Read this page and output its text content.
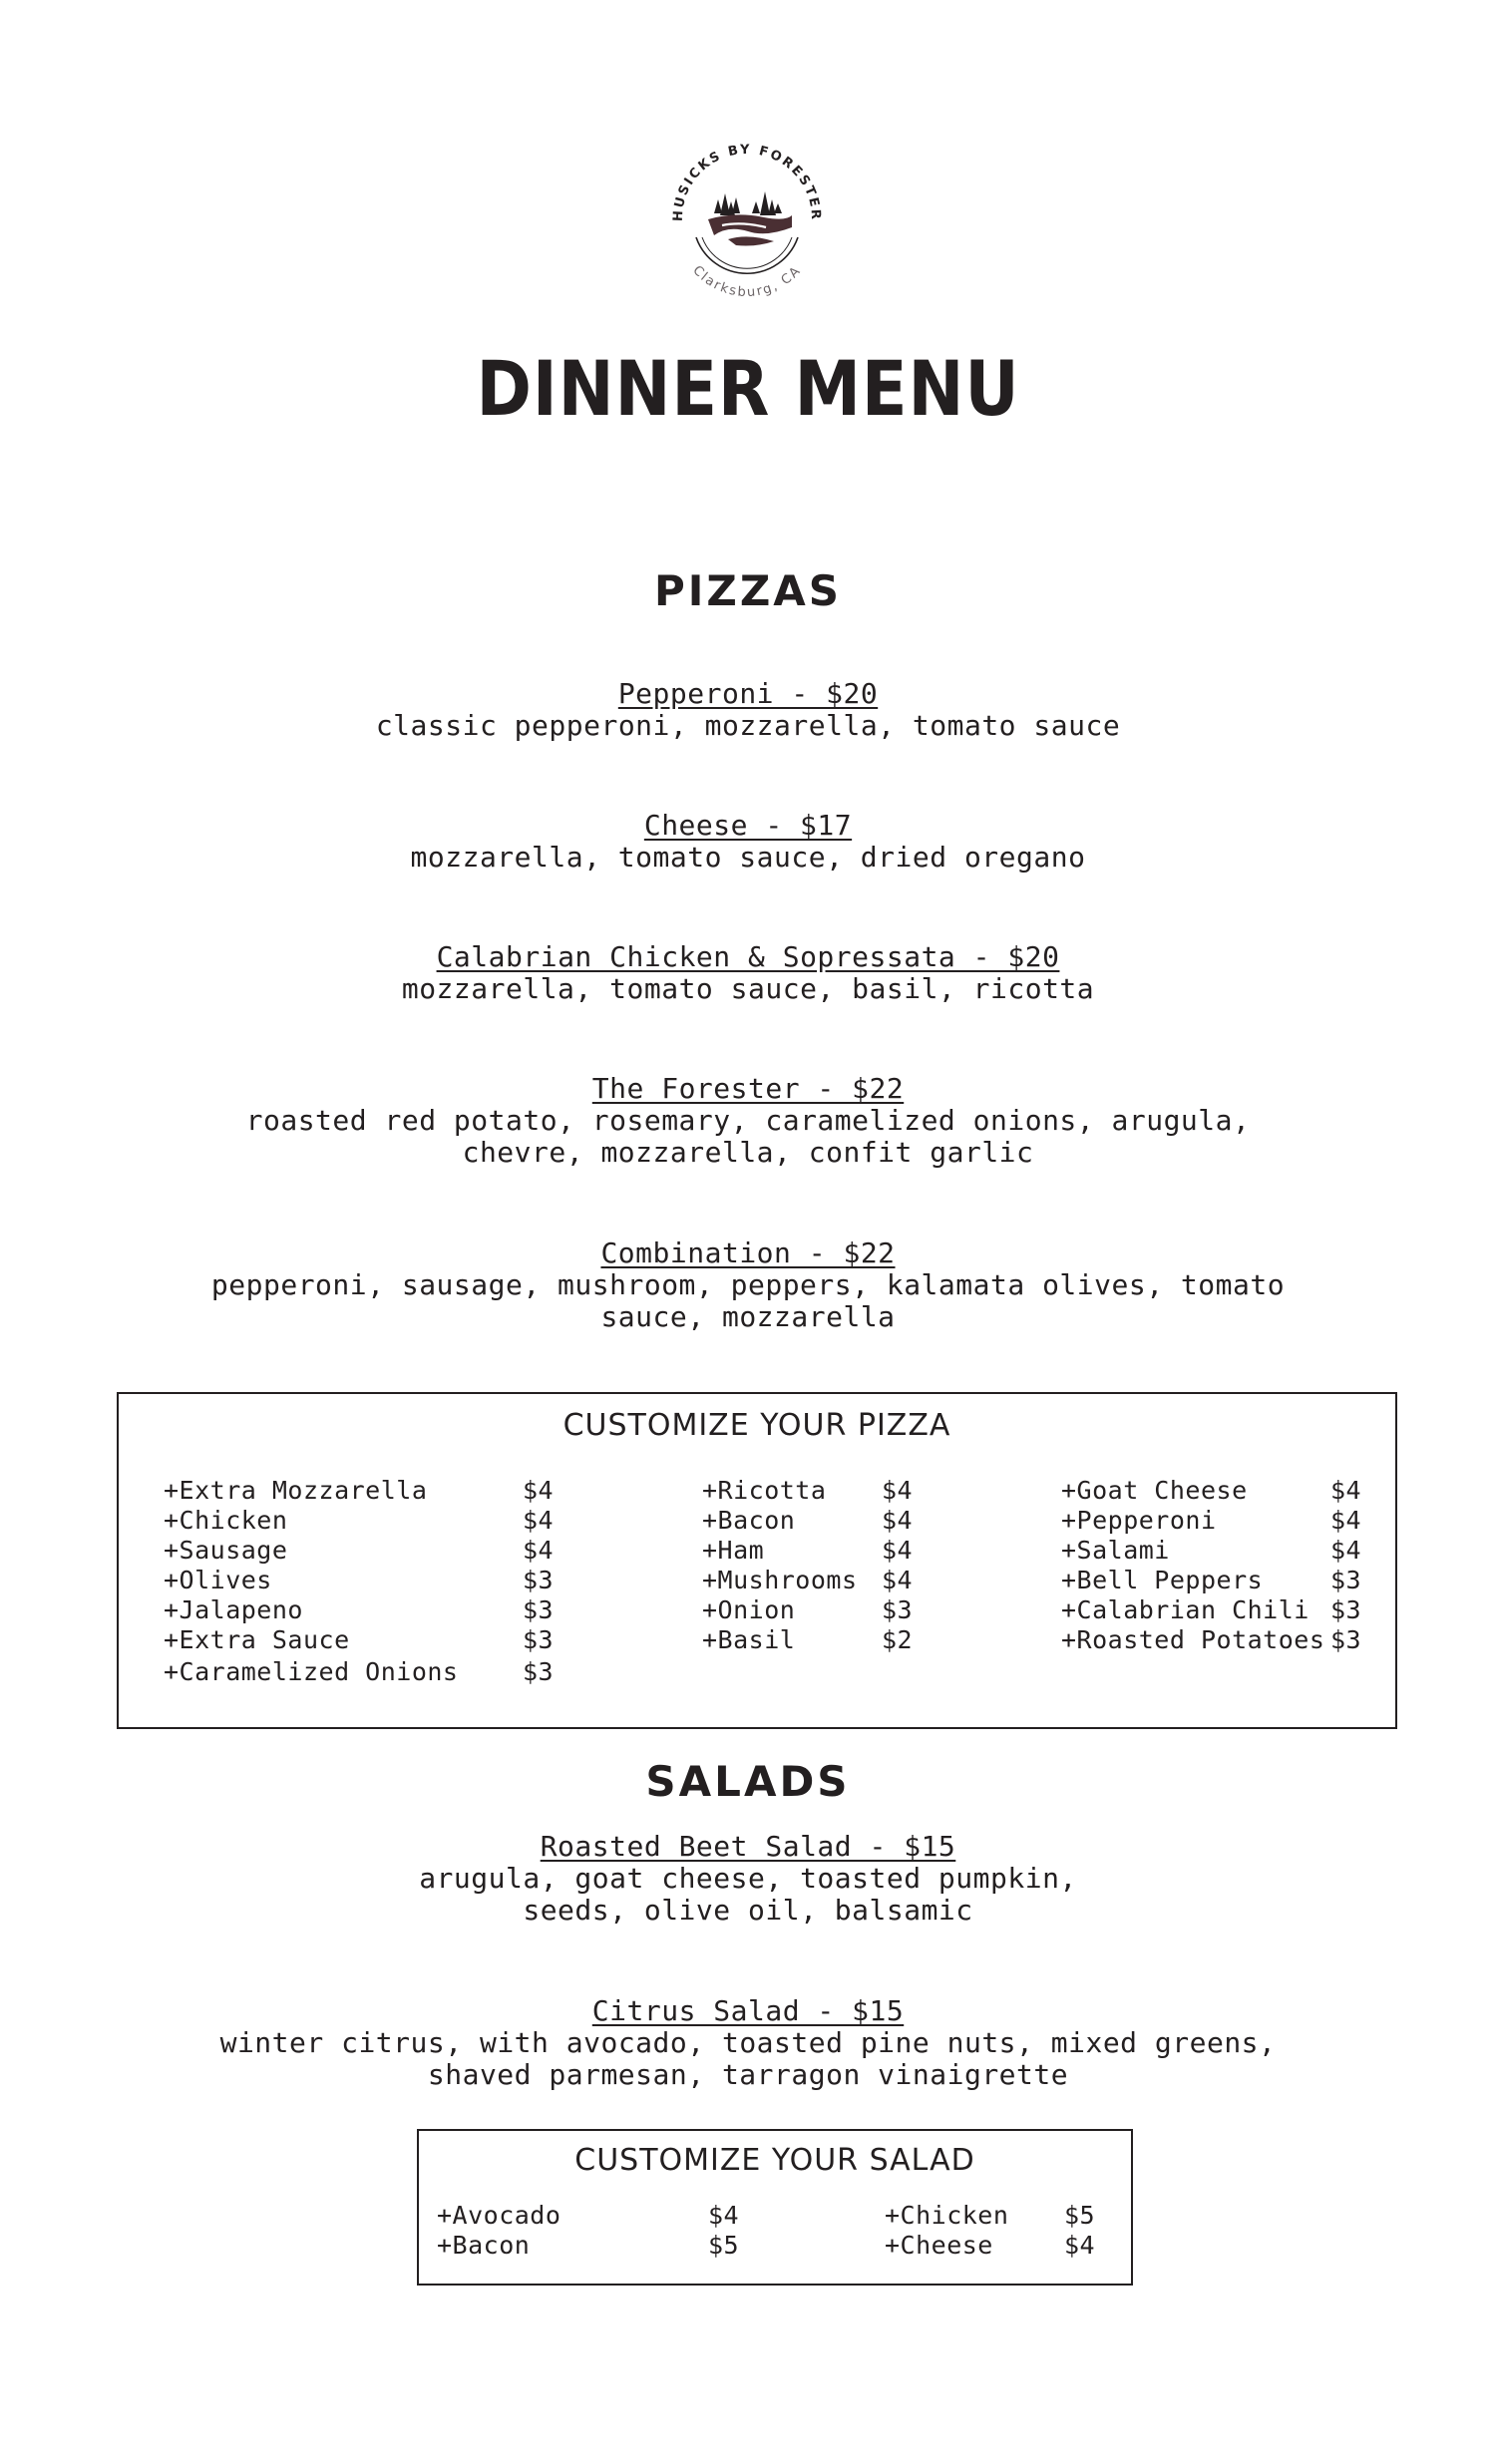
HUSICKS BY FORESTER
Clarksburg, CA
DINNER MENU
PIZZAS
Pepperoni - $20
classic pepperoni, mozzarella, tomato sauce
Cheese - $17
mozzarella, tomato sauce, dried oregano
Calabrian Chicken & Sopressata - $20
mozzarella, tomato sauce, basil, ricotta
The Forester - $22
roasted red potato, rosemary, caramelized onions, arugula,
chevre, mozzarella, confit garlic
Combination - $22
pepperoni, sausage, mushroom, peppers, kalamata olives, tomato
sauce, mozzarella
CUSTOMIZE YOUR PIZZA
+Extra Mozzarella	$4
+Chicken	$4
+Sausage	$4
+Olives	$3
+Jalapeno	$3
+Extra Sauce	$3
+Caramelized Onions	$3
+Ricotta $4
+Bacon	$4
+Ham	$4
+Mushrooms $4
+Onion	$3
+Basil	$2
+Goat Cheese	$4
+Pepperoni	$4
+Salami	$4
+Bell Peppers	$3
+Calabrian Chili $3
+Roasted Potatoes $3
SALADS
Roasted Beet Salad - $15
arugula, goat cheese, toasted pumpkin,
seeds, olive oil, balsamic
Citrus Salad - $15
winter citrus, with avocado, toasted pine nuts, mixed greens,
shaved parmesan, tarragon vinaigrette
CUSTOMIZE YOUR SALAD
+Avocado	$4
+Bacon	$5
+Chicken $5
+Cheese	$4
